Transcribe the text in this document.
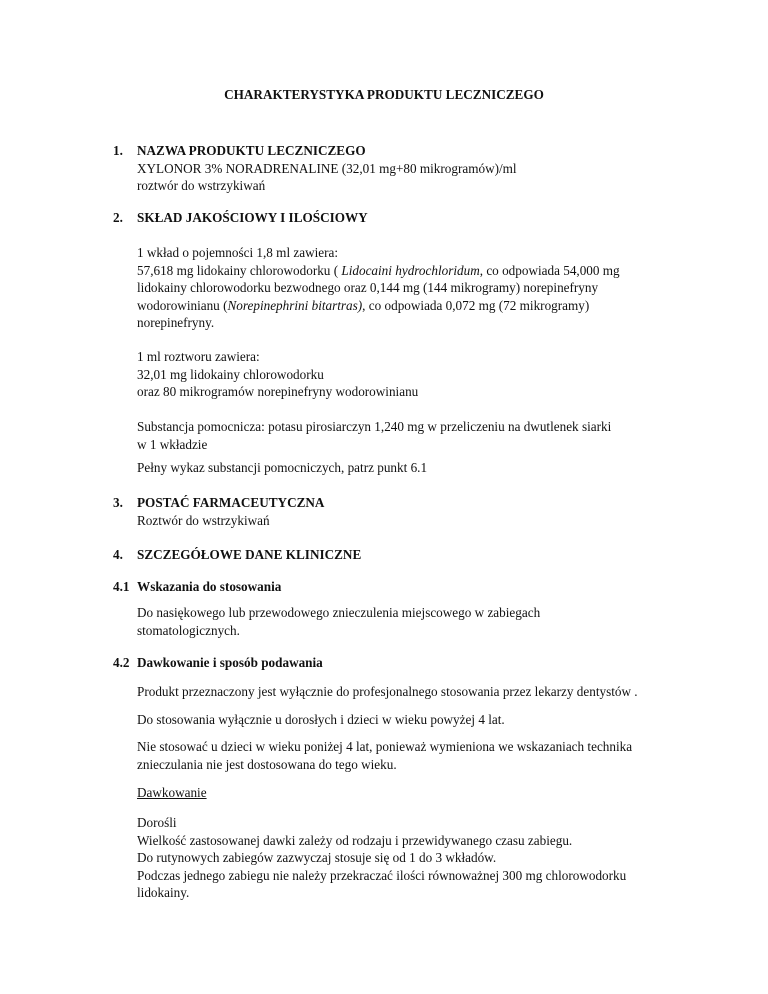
CHARAKTERYSTYKA PRODUKTU LECZNICZEGO
1. NAZWA PRODUKTU LECZNICZEGO
XYLONOR 3% NORADRENALINE (32,01 mg+80 mikrogramów)/ml
roztwór do wstrzykiwań
2. SKŁAD JAKOŚCIOWY I ILOŚCIOWY
1 wkład o pojemności 1,8 ml zawiera:
57,618 mg lidokainy chlorowodorku ( Lidocaini hydrochloridum, co odpowiada 54,000 mg
lidokainy chlorowodorku bezwodnego oraz 0,144 mg (144 mikrogramy) norepinefryny
wodorowinianu (Norepinephrini bitartras), co odpowiada 0,072 mg (72 mikrogramy)
norepinefryny.
1 ml roztworu zawiera:
32,01 mg lidokainy chlorowodorku
oraz 80 mikrogramów norepinefryny wodorowinianu
Substancja pomocnicza: potasu pirosiarczyn 1,240 mg w przeliczeniu na dwutlenek siarki
w 1 wkładzie
Pełny wykaz substancji pomocniczych, patrz punkt 6.1
3. POSTAĆ FARMACEUTYCZNA
Roztwór do wstrzykiwań
4. SZCZEGÓŁOWE DANE KLINICZNE
4.1 Wskazania do stosowania
Do nasiękowego lub przewodowego znieczulenia miejscowego w zabiegach
stomatologicznych.
4.2 Dawkowanie i sposób podawania
Produkt przeznaczony jest wyłącznie do profesjonalnego stosowania przez lekarzy dentystów .
Do stosowania wyłącznie u dorosłych i dzieci w wieku powyżej 4 lat.
Nie stosować u dzieci w wieku poniżej 4 lat, ponieważ wymieniona we wskazaniach technika
znieczulania nie jest dostosowana do tego wieku.
Dawkowanie
Dorośli
Wielkość zastosowanej dawki zależy od rodzaju i przewidywanego czasu zabiegu.
Do rutynowych zabiegów zazwyczaj stosuje się od 1 do 3 wkładów.
Podczas jednego zabiegu nie należy przekraczać ilości równoważnej 300 mg chlorowodorku
lidokainy.
